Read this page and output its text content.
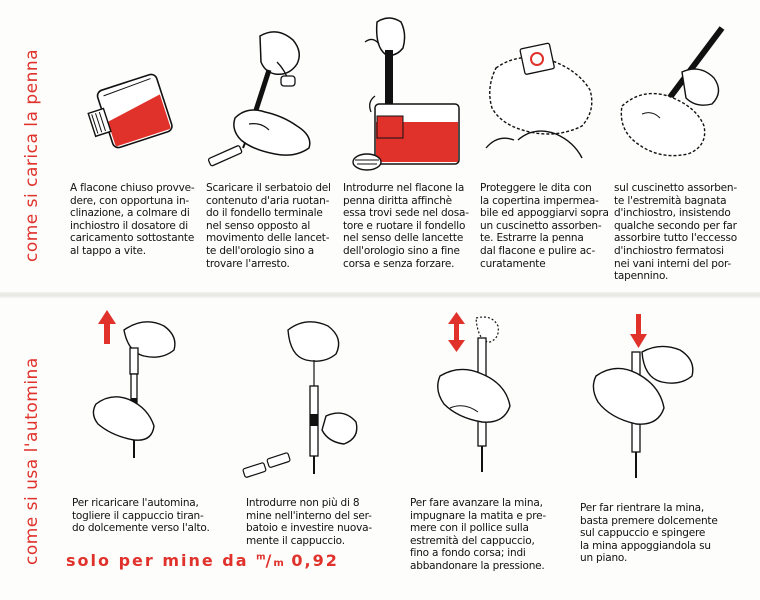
come si carica la penna
come si usa l'automina
A flacone chiuso provve-
dere, con opportuna in-
clinazione, a colmare di
inchiostro il dosatore di
caricamento sottostante
al tappo a vite.
Scaricare il serbatoio del
contenuto d'aria ruotan-
do il fondello terminale
nel senso opposto al
movimento delle lancet-
te dell'orologio sino a
trovare l'arresto.
Introdurre nel flacone la
penna diritta affinchè
essa trovi sede nel dosa-
tore e ruotare il fondello
nel senso delle lancette
dell'orologio sino a fine
corsa e senza forzare.
Proteggere le dita con
la copertina impermea-
bile ed appoggiarvi sopra
un cuscinetto assorben-
te. Estrarre la penna
dal flacone e pulire ac-
curatamente
sul cuscinetto assorben-
te l'estremità bagnata
d'inchiostro, insistendo
qualche secondo per far
assorbire tutto l'eccesso
d'inchiostro fermatosi
nei vani interni del por-
tapennino.
Per ricaricare l'automina,
togliere il cappuccio tiran-
do dolcemente verso l'alto.
Introdurre non più di 8
mine nell'interno del ser-
batoio e investire nuova-
mente il cappuccio.
Per fare avanzare la mina,
impugnare la matita e pre-
mere con il pollice sulla
estremità del cappuccio,
fino a fondo corsa; indi
abbandonare la pressione.
Per far rientrare la mina,
basta premere dolcemente
sul cappuccio e spingere
la mina appoggiandola su
un piano.
solo per mine da $^m$/m 0,92
